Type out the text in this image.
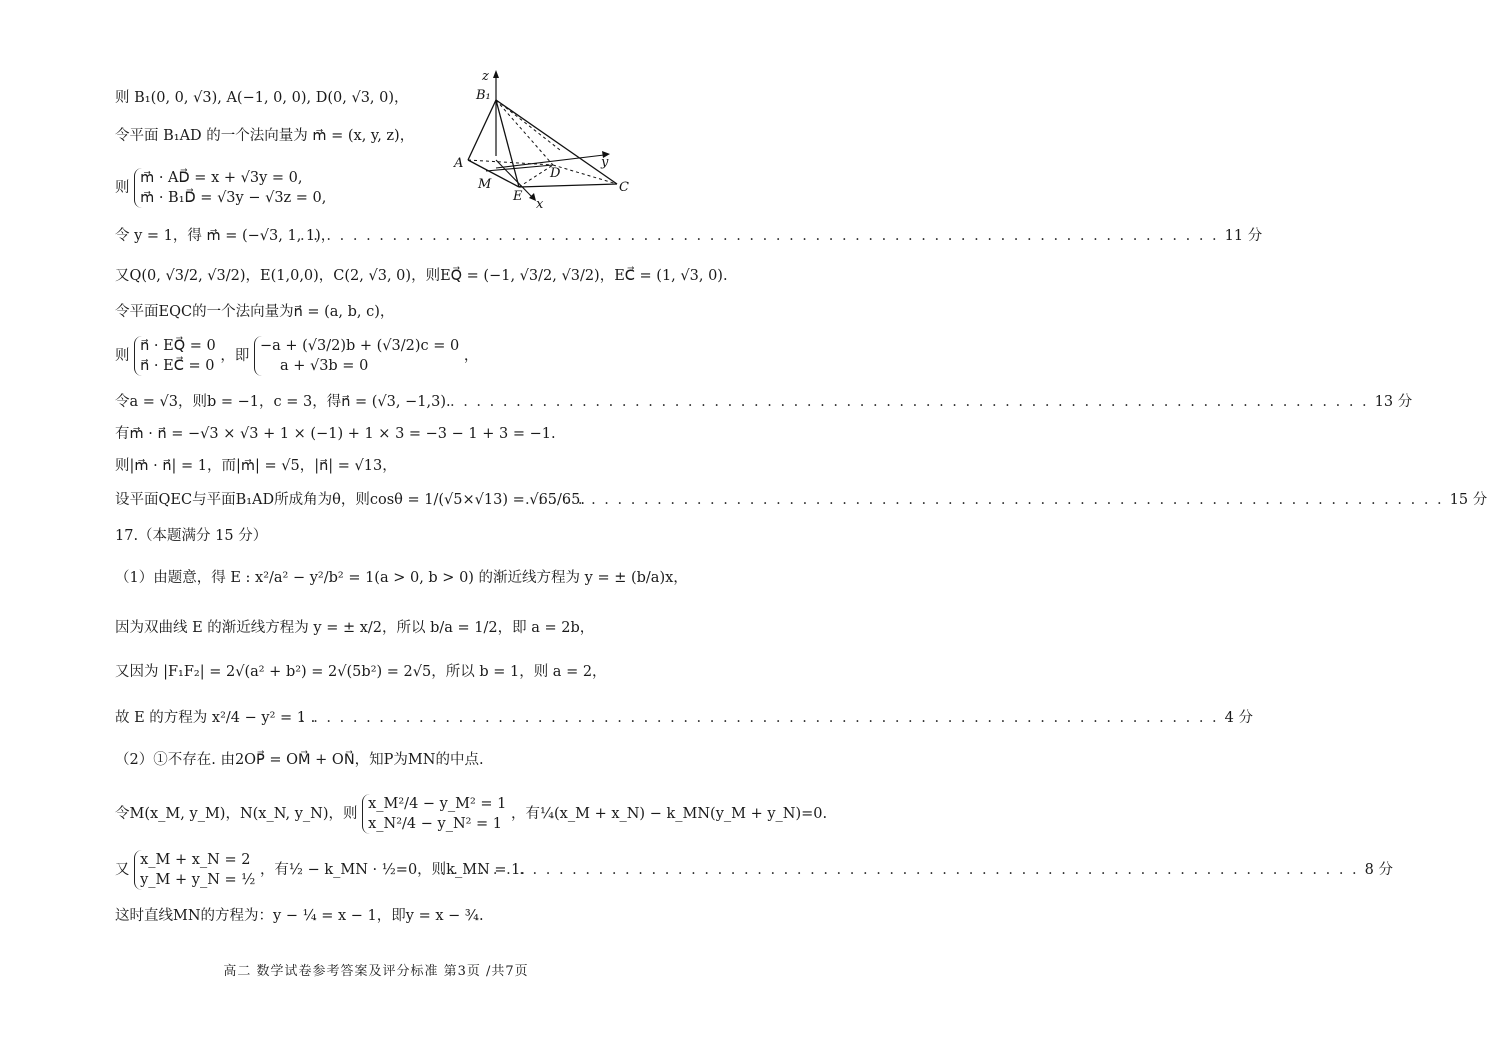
z
B₁
A
M
E
x
D
y
C
则 B₁(0, 0, √3), A(−1, 0, 0), D(0, √3, 0)，
令平面 B₁AD 的一个法向量为 m⃗ = (x, y, z)，
则
m⃗ · AD⃗ = x + √3y = 0,
m⃗ · B₁D⃗ = √3y − √3z = 0,
令 y = 1，得 m⃗ = (−√3, 1, 1)， . . .	11 分
又Q(0, √3/2, √3/2)，E(1,0,0)，C(2, √3, 0)，则EQ⃗ = (−1, √3/2, √3/2)，EC⃗ = (1, √3, 0).
令平面EQC的一个法向量为n⃗ = (a, b, c)，
则
n⃗ · EQ⃗ = 0
n⃗ · EC⃗ = 0
，即
−a + (√3/2)b + (√3/2)c = 0
a + √3b = 0
，
令a = √3，则b = −1，c = 3，得n⃗ = (√3, −1,3). . . .	13 分
有m⃗ · n⃗ = −√3 × √3 + 1 × (−1) + 1 × 3 = −3 − 1 + 3 = −1.
则|m⃗ · n⃗| = 1，而|m⃗| = √5，|n⃗| = √13，
设平面QEC与平面B₁AD所成角为θ，则cosθ = 1/(√5×√13) = √65/65. . . .	15 分
17.（本题满分 15 分）
（1）由题意，得 E : x²/a² − y²/b² = 1(a > 0, b > 0) 的渐近线方程为 y = ± (b/a)x，
因为双曲线 E 的渐近线方程为 y = ± x/2，所以 b/a = 1/2，即 a = 2b，
又因为 |F₁F₂| = 2√(a² + b²) = 2√(5b²) = 2√5，所以 b = 1，则 a = 2，
故 E 的方程为 x²/4 − y² = 1 . . . .	4 分
（2）①不存在. 由2OP⃗ = OM⃗ + ON⃗，知P为MN的中点.
令M(x_M, y_M)，N(x_N, y_N)，则
x_M²/4 − y_M² = 1
x_N²/4 − y_N² = 1
，有¼(x_M + x_N) − k_MN(y_M + y_N)=0.
又
x_M + x_N = 2
y_M + y_N = ½
，有½ − k_MN · ½=0，则k_MN = 1. . . .	8 分
这时直线MN的方程为：y − ¼ = x − 1，即y = x − ¾.
高二 数学试卷参考答案及评分标准 第3页 /共7页
